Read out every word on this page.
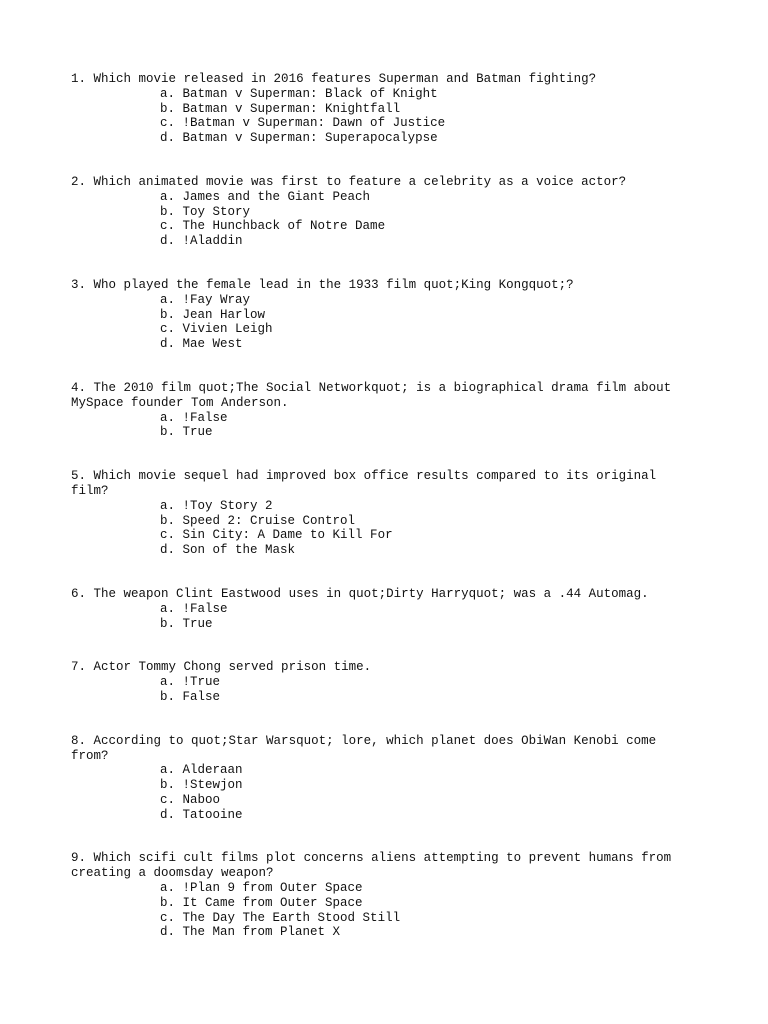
1. Which movie released in 2016 features Superman and Batman fighting?

a. Batman v Superman: Black of Knight
b. Batman v Superman: Knightfall
c. !Batman v Superman: Dawn of Justice
d. Batman v Superman: Superapocalypse

2. Which animated movie was first to feature a celebrity as a voice actor?

a. James and the Giant Peach
b. Toy Story
c. The Hunchback of Notre Dame
d. !Aladdin

3. Who played the female lead in the 1933 film quot;King Kongquot;?

a. !Fay Wray
b. Jean Harlow
c. Vivien Leigh
d. Mae West

4. The 2010 film quot;The Social Networkquot; is a biographical drama film about MySpace founder Tom Anderson.

a. !False
b. True

5. Which movie sequel had improved box office results compared to its original film?

a. !Toy Story 2
b. Speed 2: Cruise Control
c. Sin City: A Dame to Kill For
d. Son of the Mask

6. The weapon Clint Eastwood uses in quot;Dirty Harryquot; was a .44 Automag.

a. !False
b. True

7. Actor Tommy Chong served prison time.

a. !True
b. False

8. According to quot;Star Warsquot; lore, which planet does ObiWan Kenobi come from?

a. Alderaan
b. !Stewjon
c. Naboo
d. Tatooine

9. Which scifi cult films plot concerns aliens attempting to prevent humans from creating a doomsday weapon?

a. !Plan 9 from Outer Space
b. It Came from Outer Space
c. The Day The Earth Stood Still
d. The Man from Planet X
